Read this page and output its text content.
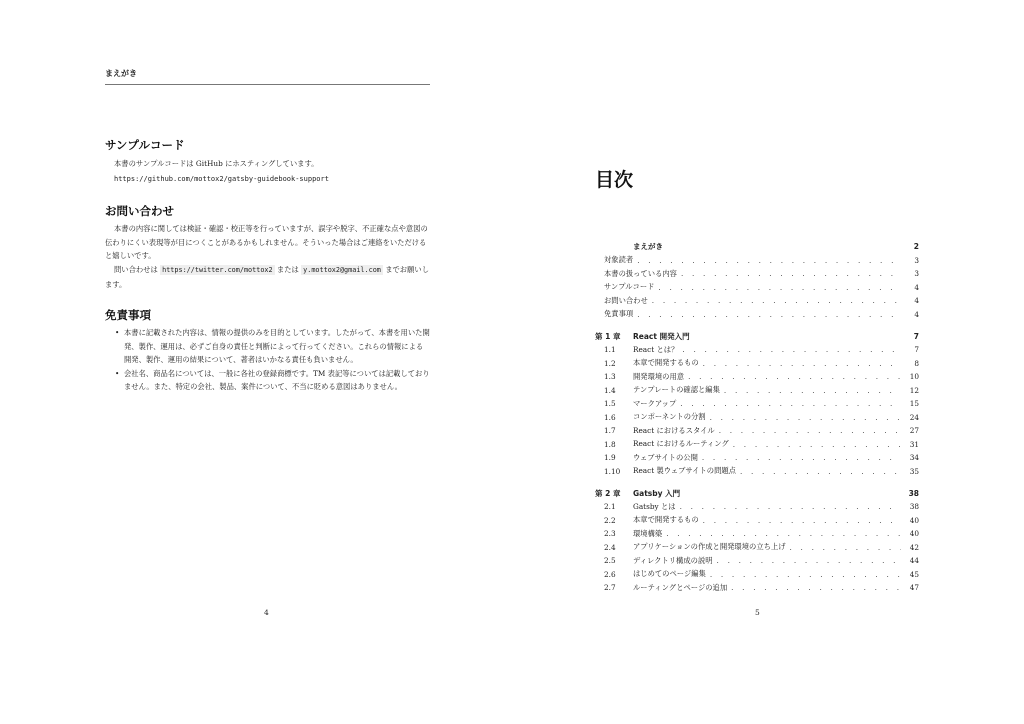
まえがき
サンプルコード
本書のサンプルコードは GitHub にホスティングしています。
https://github.com/mottox2/gatsby-guidebook-support
お問い合わせ
本書の内容に関しては検証・確認・校正等を行っていますが、誤字や脱字、不正確な点や意図の伝わりにくい表現等が目につくことがあるかもしれません。そういった場合はご連絡をいただけると嬉しいです。
問い合わせは https://twitter.com/mottox2 または y.mottox2@gmail.com までお願いします。
免責事項
• 本書に記載された内容は、情報の提供のみを目的としています。したがって、本書を用いた開発、製作、運用は、必ずご自身の責任と判断によって行ってください。これらの情報による開発、製作、運用の結果について、著者はいかなる責任も負いません。
• 会社名、商品名については、一般に各社の登録商標です。TM 表記等については記載しておりません。また、特定の会社、製品、案件について、不当に貶める意図はありません。
4	5
目次
まえがき	2
対象読者 . . .	3
本書の扱っている内容 . . .	3
サンプルコード . . .	4
お問い合わせ . . .	4
免責事項 . . .	4
第 1 章	React 開発入門	7
1.1	React とは？ . . .	7
1.2	本章で開発するもの . . .	8
1.3	開発環境の用意 . . .	10
1.4	テンプレートの確認と編集 . . .	12
1.5	マークアップ . . .	15
1.6	コンポーネントの分割 . . .	24
1.7	React におけるスタイル . . .	27
1.8	React におけるルーティング . . .	31
1.9	ウェブサイトの公開 . . .	34
1.10	React 製ウェブサイトの問題点 . . .	35
第 2 章	Gatsby 入門	38
2.1	Gatsby とは . . .	38
2.2	本章で開発するもの . . .	40
2.3	環境構築 . . .	40
2.4	アプリケーションの作成と開発環境の立ち上げ . . .	42
2.5	ディレクトリ構成の説明 . . .	44
2.6	はじめてのページ編集 . . .	45
2.7	ルーティングとページの追加 . . .	47
